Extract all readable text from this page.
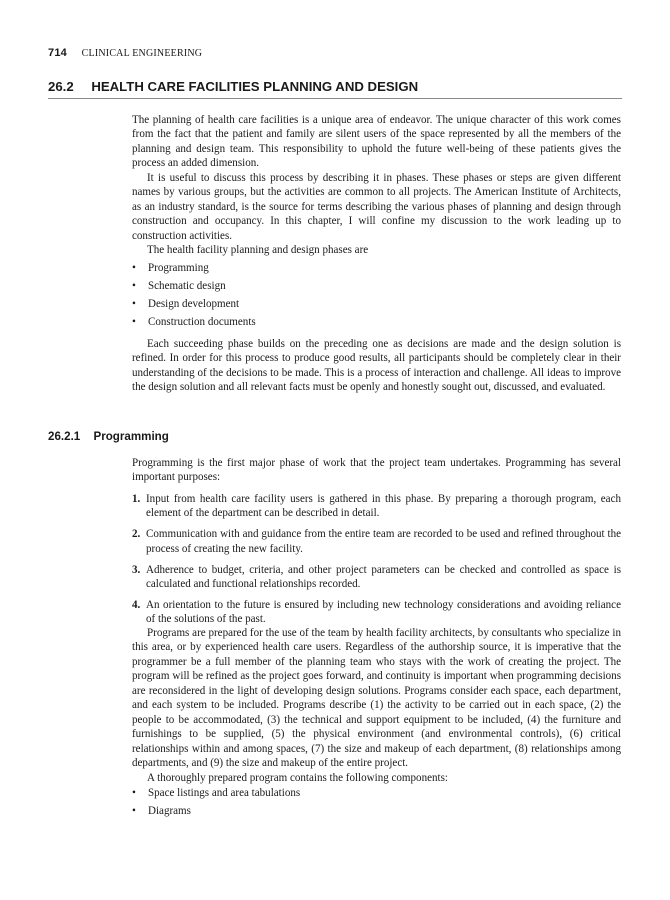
714 CLINICAL ENGINEERING
26.2 HEALTH CARE FACILITIES PLANNING AND DESIGN

The planning of health care facilities is a unique area of endeavor. The unique character of this work comes from the fact that the patient and family are silent users of the space represented by all the members of the planning and design team. This responsibility to uphold the future well-being of these patients gives the process an added dimension.

It is useful to discuss this process by describing it in phases. These phases or steps are given different names by various groups, but the activities are common to all projects. The American Institute of Architects, as an industry standard, is the source for terms describing the various phases of planning and design through construction and occupancy. In this chapter, I will confine my discussion to the work leading up to construction activities.

The health facility planning and design phases are

• Programming
• Schematic design
• Design development
• Construction documents

Each succeeding phase builds on the preceding one as decisions are made and the design solution is refined. In order for this process to produce good results, all participants should be completely clear in their understanding of the decisions to be made. This is a process of interaction and challenge. All ideas to improve the design solution and all relevant facts must be openly and honestly sought out, discussed, and evaluated.

26.2.1 Programming

Programming is the first major phase of work that the project team undertakes. Programming has several important purposes:

1. Input from health care facility users is gathered in this phase. By preparing a thorough program, each element of the department can be described in detail.
2. Communication with and guidance from the entire team are recorded to be used and refined throughout the process of creating the new facility.
3. Adherence to budget, criteria, and other project parameters can be checked and controlled as space is calculated and functional relationships recorded.
4. An orientation to the future is ensured by including new technology considerations and avoiding reliance of the solutions of the past.

Programs are prepared for the use of the team by health facility architects, by consultants who specialize in this area, or by experienced health care users. Regardless of the authorship source, it is imperative that the programmer be a full member of the planning team who stays with the work of creating the project. The program will be refined as the project goes forward, and continuity is important when programming decisions are reconsidered in the light of developing design solutions. Programs consider each space, each department, and each system to be included. Programs describe (1) the activity to be carried out in each space, (2) the people to be accommodated, (3) the technical and support equipment to be included, (4) the furniture and furnishings to be supplied, (5) the physical environment (and environmental controls), (6) critical relationships within and among spaces, (7) the size and makeup of each department, (8) relationships among departments, and (9) the size and makeup of the entire project.

A thoroughly prepared program contains the following components:

• Space listings and area tabulations
• Diagrams
